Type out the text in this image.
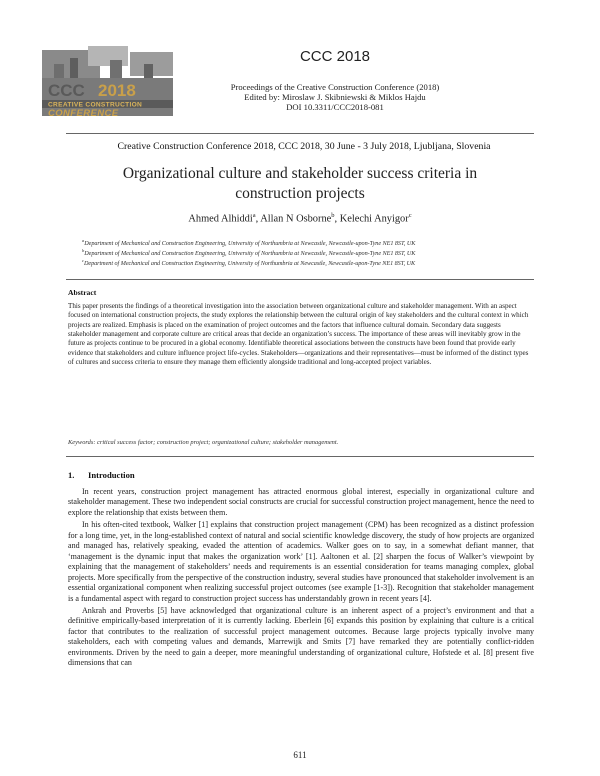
CCC 2018
CREATIVE CONSTRUCTION
CONFERENCE
CCC 2018
Proceedings of the Creative Construction Conference (2018)
Edited by: Miroslaw J. Skibniewski & Miklos Hajdu
DOI 10.3311/CCC2018-081
Creative Construction Conference 2018, CCC 2018, 30 June - 3 July 2018, Ljubljana, Slovenia
Organizational culture and stakeholder success criteria in construction projects
Ahmed Alhiddi$^a$, Allan N Osborne$^b$, Kelechi Anyigor$^c$
$^a$Department of Mechanical and Construction Engineering, University of Northumbria at Newcastle, Newcastle-upon-Tyne NE1 8ST, UK
$^b$Department of Mechanical and Construction Engineering, University of Northumbria at Newcastle, Newcastle-upon-Tyne NE1 8ST, UK
$^c$Department of Mechanical and Construction Engineering, University of Northumbria at Newcastle, Newcastle-upon-Tyne NE1 8ST, UK
Abstract
This paper presents the findings of a theoretical investigation into the association between organizational culture and stakeholder management. With an aspect focused on international construction projects, the study explores the relationship between the cultural origin of key stakeholders and the cultural context in which projects are realized. Emphasis is placed on the examination of project outcomes and the factors that influence cultural domain. Secondary data suggests stakeholder management and corporate culture are critical areas that decide an organization’s success. The importance of these areas will inevitably grow in the future as projects continue to be procured in a global economy. Identifiable theoretical associations between the constructs have been found that provide early evidence that stakeholders and culture influence project life-cycles. Stakeholders—organizations and their representatives—must be informed of the distinct types of cultures and success criteria to ensure they manage them efficiently alongside traditional and long-accepted project variables.
Keywords: critical success factor; construction project; organizational culture; stakeholder management.
1. Introduction

In recent years, construction project management has attracted enormous global interest, especially in organizational culture and stakeholder management. These two independent social constructs are crucial for successful construction project management, hence the need to explore the relationship that exists between them.

In his often-cited textbook, Walker [1] explains that construction project management (CPM) has been recognized as a distinct profession for a long time, yet, in the long-established context of natural and social scientific knowledge discovery, the study of how projects are organized and managed has, relatively speaking, evaded the attention of academics. Walker goes on to say, in a somewhat defiant manner, that ‘management is the dynamic input that makes the organization work’ [1]. Aaltonen et al. [2] sharpen the focus of Walker’s viewpoint by explaining that the management of stakeholders’ needs and requirements is an essential consideration for teams managing complex, global projects. More specifically from the perspective of the construction industry, several studies have pronounced that stakeholder involvement is an essential organizational component when realizing successful project outcomes (see example [1-3]). Recognition that stakeholder management is a fundamental aspect with regard to construction project success has understandably grown in recent years [4].

Ankrah and Proverbs [5] have acknowledged that organizational culture is an inherent aspect of a project’s environment and that a definitive empirically-based interpretation of it is currently lacking. Eberlein [6] expands this position by explaining that culture is a critical factor that contributes to the realization of successful project management outcomes. Because large projects typically involve many stakeholders, each with competing values and demands, Marrewijk and Smits [7] have remarked they are potentially conflict-ridden environments. Driven by the need to gain a deeper, more meaningful understanding of organizational culture, Hofstede et al. [8] present five dimensions that can

611
